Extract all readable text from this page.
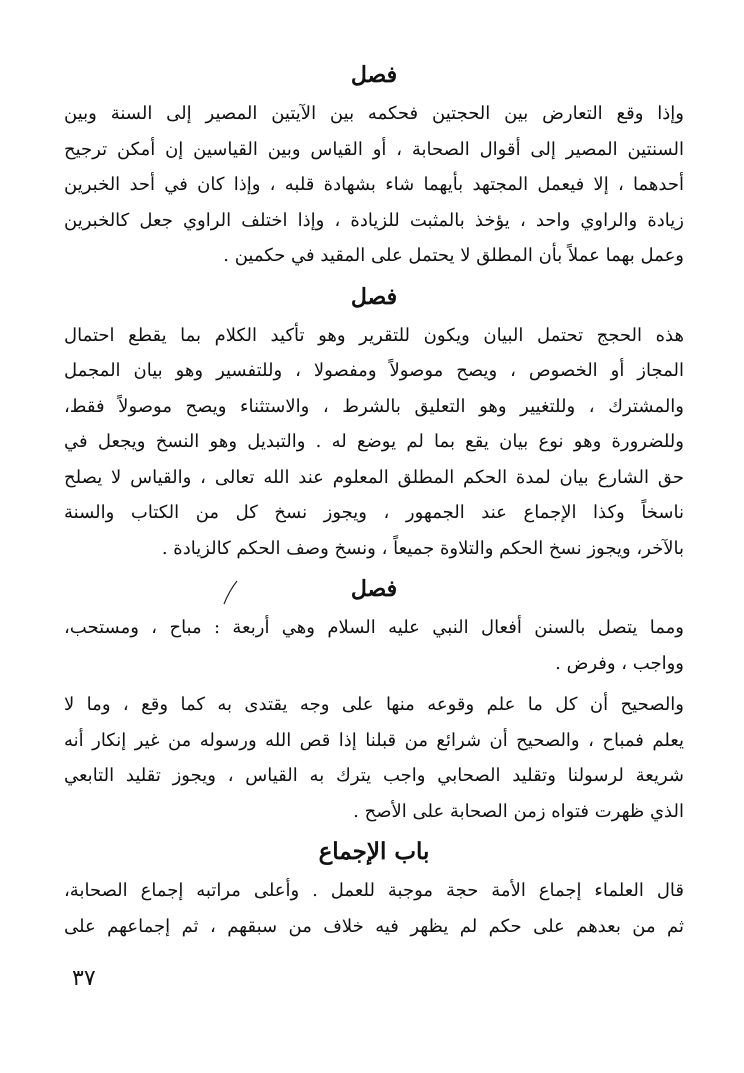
فصل
وإذا وقع التعارض بين الحجتين فحكمه بين الآيتين المصير إلى السنة وبين
السنتين المصير إلى أقوال الصحابة ، أو القياس وبين القياسين إن أمكن ترجيح
أحدهما ، إلا فيعمل المجتهد بأيهما شاء بشهادة قلبه ، وإذا كان في أحد الخبرين
زيادة والراوي واحد ، يؤخذ بالمثبت للزيادة ، وإذا اختلف الراوي جعل كالخبرين
وعمل بهما عملاً بأن المطلق لا يحتمل على المقيد في حكمين .
فصل
هذه الحجج تحتمل البيان ويكون للتقرير وهو تأكيد الكلام بما يقطع احتمال
المجاز أو الخصوص ، ويصح موصولاً ومفصولا ، وللتفسير وهو بيان المجمل
والمشترك ، وللتغيير وهو التعليق بالشرط ، والاستثناء ويصح موصولاً فقط،
وللضرورة وهو نوع بيان يقع بما لم يوضع له . والتبديل وهو النسخ ويجعل في
حق الشارع بيان لمدة الحكم المطلق المعلوم عند الله تعالى ، والقياس لا يصلح
ناسخاً وكذا الإجماع عند الجمهور ، ويجوز نسخ كل من الكتاب والسنة
بالآخر، ويجوز نسخ الحكم والتلاوة جميعاً ، ونسخ وصف الحكم كالزيادة .
فصل
ومما يتصل بالسنن أفعال النبي عليه السلام وهي أربعة : مباح ، ومستحب،
وواجب ، وفرض .
والصحيح أن كل ما علم وقوعه منها على وجه يقتدى به كما وقع ، وما لا
يعلم فمباح ، والصحيح أن شرائع من قبلنا إذا قص الله ورسوله من غير إنكار أنه
شريعة لرسولنا وتقليد الصحابي واجب يترك به القياس ، ويجوز تقليد التابعي
الذي ظهرت فتواه زمن الصحابة على الأصح .
باب الإجماع
قال العلماء إجماع الأمة حجة موجبة للعمل . وأعلى مراتبه إجماع الصحابة،
ثم من بعدهم على حكم لم يظهر فيه خلاف من سبقهم ، ثم إجماعهم على
٣٧
